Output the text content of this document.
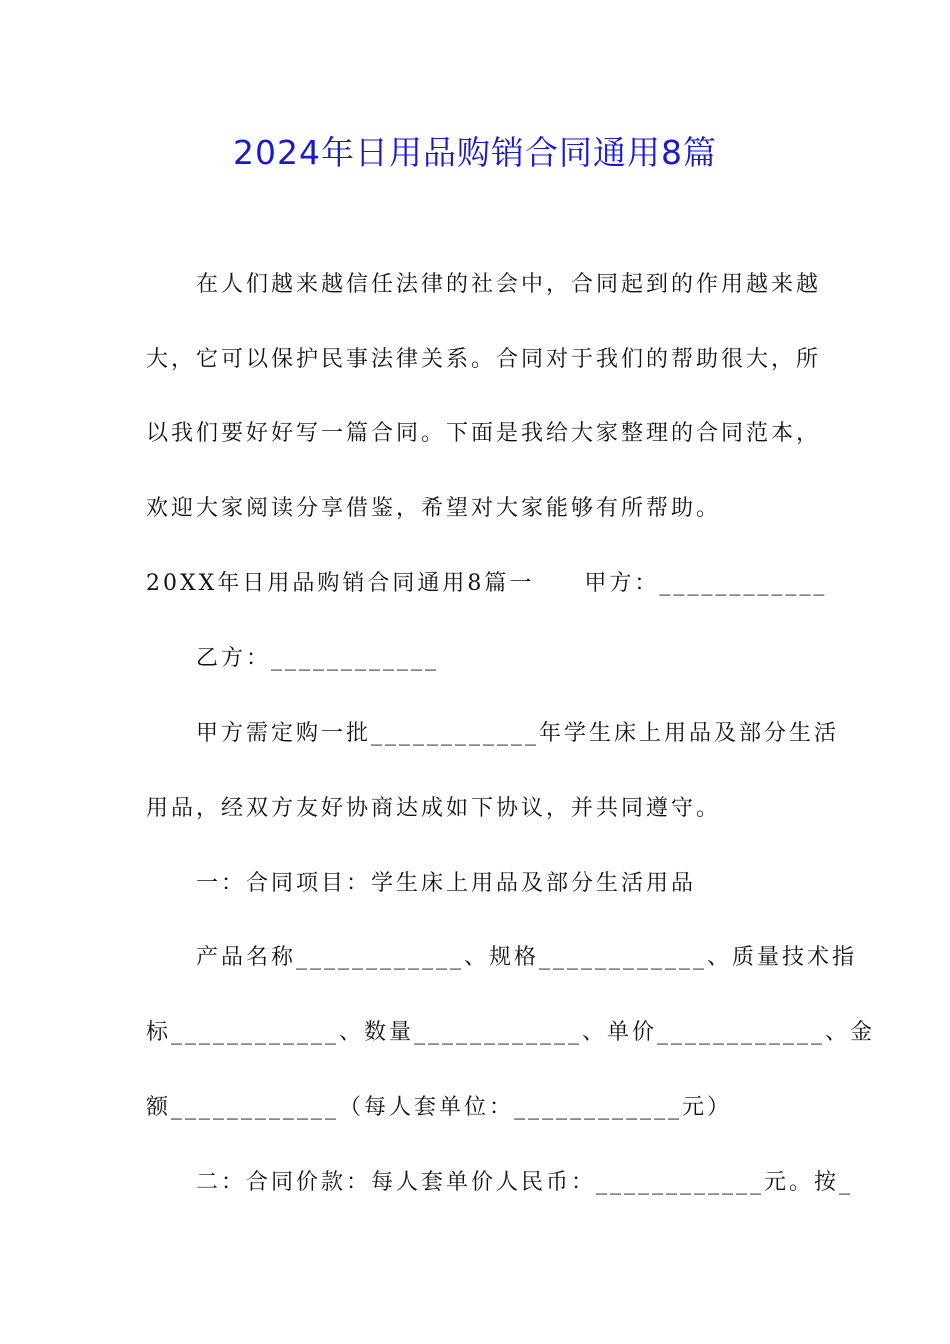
2024年日用品购销合同通用8篇
在人们越来越信任法律的社会中，合同起到的作用越来越
大，它可以保护民事法律关系。合同对于我们的帮助很大，所
以我们要好好写一篇合同。下面是我给大家整理的合同范本，
欢迎大家阅读分享借鉴，希望对大家能够有所帮助。
20XX年日用品购销合同通用8篇一　　甲方：____________
乙方：____________
甲方需定购一批____________年学生床上用品及部分生活
用品，经双方友好协商达成如下协议，并共同遵守。
一：合同项目：学生床上用品及部分生活用品
产品名称____________、规格____________、质量技术指
标____________、数量____________、单价____________、金
额____________（每人套单位：____________元）
二：合同价款：每人套单价人民币：____________元。按_
